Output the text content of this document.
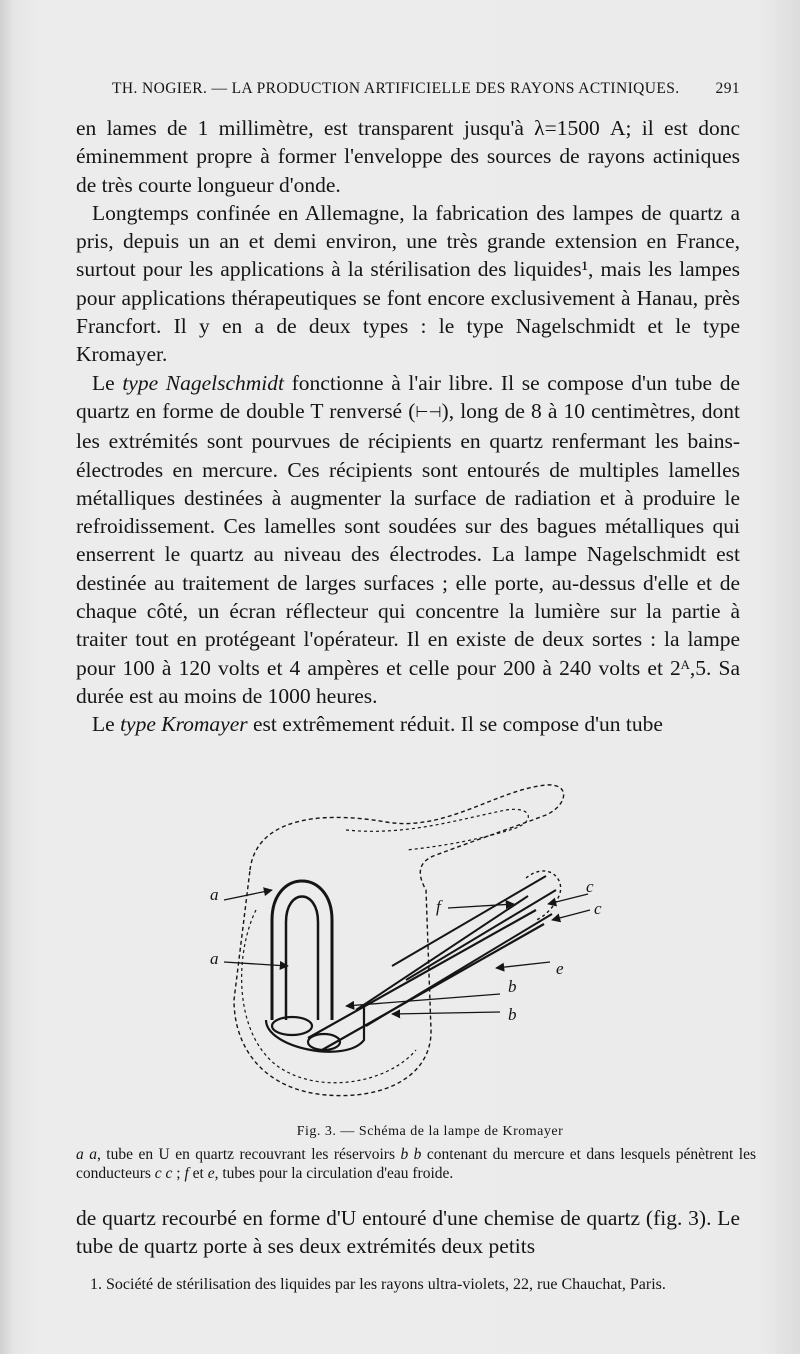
TH. NOGIER. — LA PRODUCTION ARTIFICIELLE DES RAYONS ACTINIQUES. 291

en lames de 1 millimètre, est transparent jusqu'à λ=1500 A; il est donc éminemment propre à former l'enveloppe des sources de rayons actiniques de très courte longueur d'onde.

Longtemps confinée en Allemagne, la fabrication des lampes de quartz a pris, depuis un an et demi environ, une très grande extension en France, surtout pour les applications à la stérilisation des liquides¹, mais les lampes pour applications thérapeutiques se font encore exclusivement à Hanau, près Francfort. Il y en a de deux types : le type Nagelschmidt et le type Kromayer.

Le type Nagelschmidt fonctionne à l'air libre. Il se compose d'un tube de quartz en forme de double T renversé (⊢⊣), long de 8 à 10 centimètres, dont les extrémités sont pourvues de récipients en quartz renfermant les bains-électrodes en mercure. Ces récipients sont entourés de multiples lamelles métalliques destinées à augmenter la surface de radiation et à produire le refroidissement. Ces lamelles sont soudées sur des bagues métalliques qui enserrent le quartz au niveau des électrodes. La lampe Nagelschmidt est destinée au traitement de larges surfaces ; elle porte, au-dessus d'elle et de chaque côté, un écran réflecteur qui concentre la lumière sur la partie à traiter tout en protégeant l'opérateur. Il en existe de deux sortes : la lampe pour 100 à 120 volts et 4 ampères et celle pour 200 à 240 volts et 2ᴬ,5. Sa durée est au moins de 1000 heures.

Le type Kromayer est extrêmement réduit. Il se compose d'un tube

a
a
f
c
c
e
b
b
Fig. 3. — Schéma de la lampe de Kromayer
a a, tube en U en quartz recouvrant les réservoirs b b contenant du mercure et dans lesquels pénètrent les conducteurs c c ; f et e, tubes pour la circulation d'eau froide.

de quartz recourbé en forme d'U entouré d'une chemise de quartz (fig. 3). Le tube de quartz porte à ses deux extrémités deux petits

1. Société de stérilisation des liquides par les rayons ultra-violets, 22, rue Chauchat, Paris.
